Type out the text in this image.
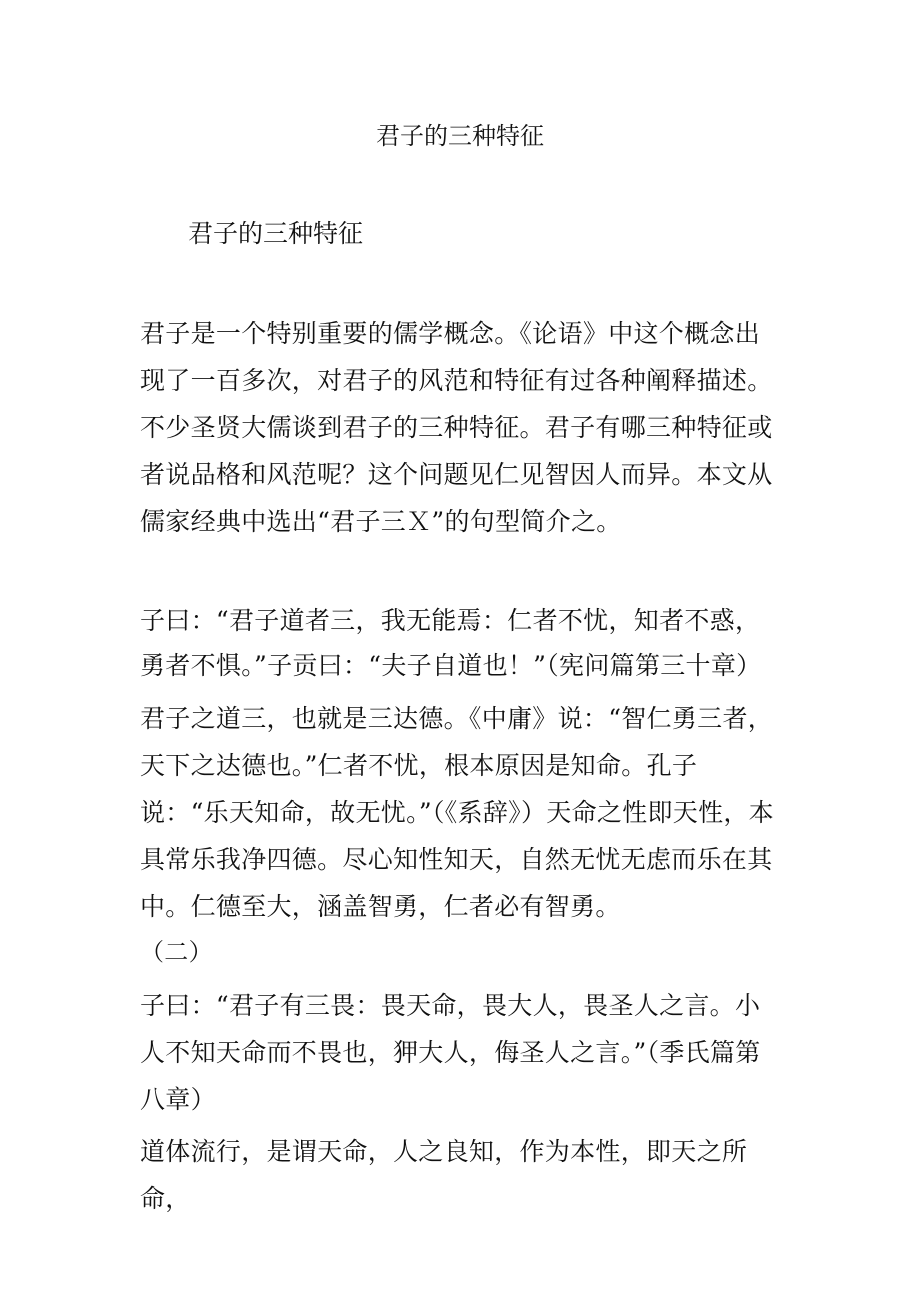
君子的三种特征
君子的三种特征

君子是一个特别重要的儒学概念。《论语》中这个概念出现了一百多次，对君子的风范和特征有过各种阐释描述。不少圣贤大儒谈到君子的三种特征。君子有哪三种特征或者说品格和风范呢？这个问题见仁见智因人而异。本文从儒家经典中选出“君子三Ｘ”的句型简介之。

子曰：“君子道者三，我无能焉：仁者不忧，知者不惑，勇者不惧。”子贡曰：“夫子自道也！”（宪问篇第三十章）

君子之道三，也就是三达德。《中庸》说：“智仁勇三者，天下之达德也。”仁者不忧，根本原因是知命。孔子说：“乐天知命，故无忧。”（《系辞》）天命之性即天性，本具常乐我净四德。尽心知性知天，自然无忧无虑而乐在其中。仁德至大，涵盖智勇，仁者必有智勇。

（二）

子曰：“君子有三畏：畏天命，畏大人，畏圣人之言。小人不知天命而不畏也，狎大人，侮圣人之言。”（季氏篇第八章）

道体流行，是谓天命，人之良知，作为本性，即天之所命，
